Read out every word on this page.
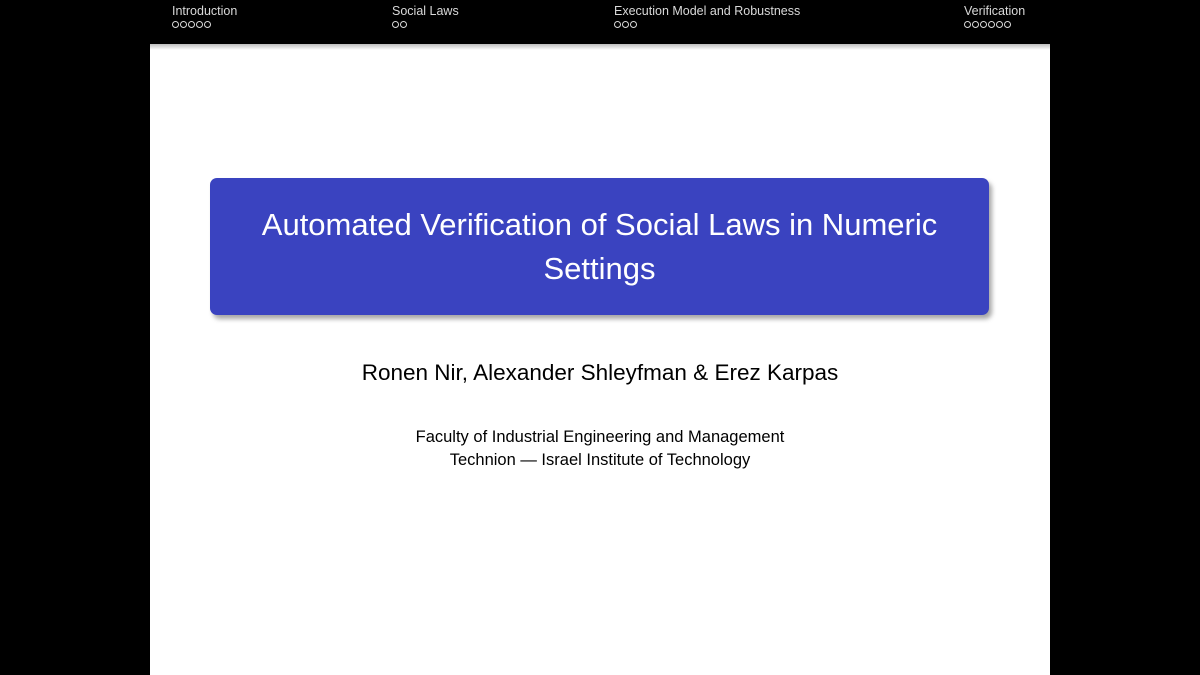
Introduction	Social Laws	Execution Model and Robustness	Verification
Automated Verification of Social Laws in Numeric Settings
Ronen Nir, Alexander Shleyfman & Erez Karpas
Faculty of Industrial Engineering and Management
Technion — Israel Institute of Technology
